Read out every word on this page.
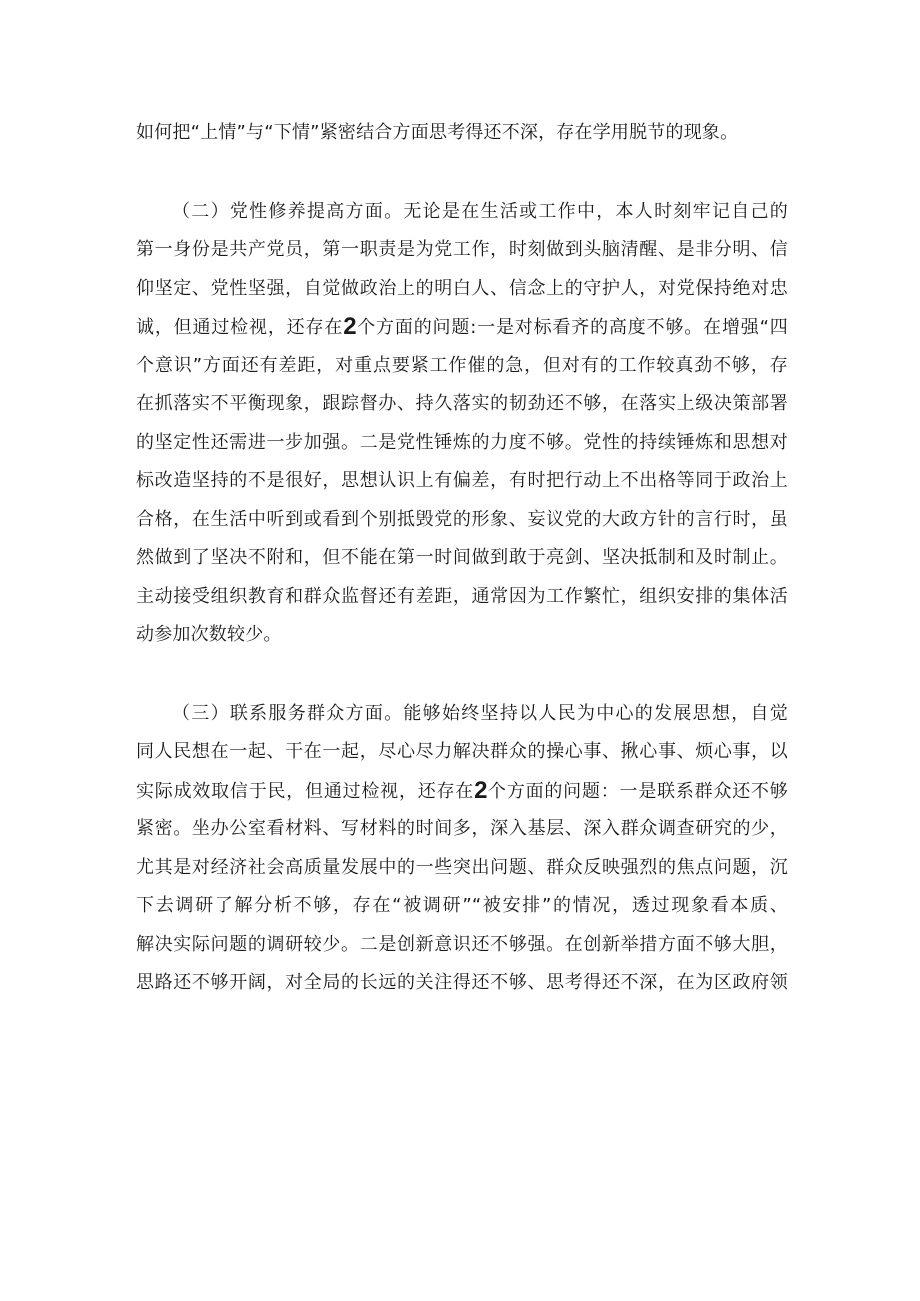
如何把“上情”与“下情”紧密结合方面思考得还不深，存在学用脱节的现象。
（二）党性修养提高方面。无论是在生活或工作中，本人时刻牢记自己的
第一身份是共产党员，第一职责是为党工作，时刻做到头脑清醒、是非分明、信
仰坚定、党性坚强，自觉做政治上的明白人、信念上的守护人，对党保持绝对忠
诚，但通过检视，还存在2个方面的问题:一是对标看齐的高度不够。在增强“四
个意识”方面还有差距，对重点要紧工作催的急，但对有的工作较真劲不够，存
在抓落实不平衡现象，跟踪督办、持久落实的韧劲还不够，在落实上级决策部署
的坚定性还需进一步加强。二是党性锤炼的力度不够。党性的持续锤炼和思想对
标改造坚持的不是很好，思想认识上有偏差，有时把行动上不出格等同于政治上
合格，在生活中听到或看到个别抵毁党的形象、妄议党的大政方针的言行时，虽
然做到了坚决不附和，但不能在第一时间做到敢于亮剑、坚决抵制和及时制止。
主动接受组织教育和群众监督还有差距，通常因为工作繁忙，组织安排的集体活
动参加次数较少。
（三）联系服务群众方面。能够始终坚持以人民为中心的发展思想，自觉
同人民想在一起、干在一起，尽心尽力解决群众的操心事、揪心事、烦心事，以
实际成效取信于民，但通过检视，还存在2个方面的问题：一是联系群众还不够
紧密。坐办公室看材料、写材料的时间多，深入基层、深入群众调查研究的少，
尤其是对经济社会高质量发展中的一些突出问题、群众反映强烈的焦点问题，沉
下去调研了解分析不够，存在“被调研”“被安排”的情况，透过现象看本质、
解决实际问题的调研较少。二是创新意识还不够强。在创新举措方面不够大胆，
思路还不够开阔，对全局的长远的关注得还不够、思考得还不深，在为区政府领
